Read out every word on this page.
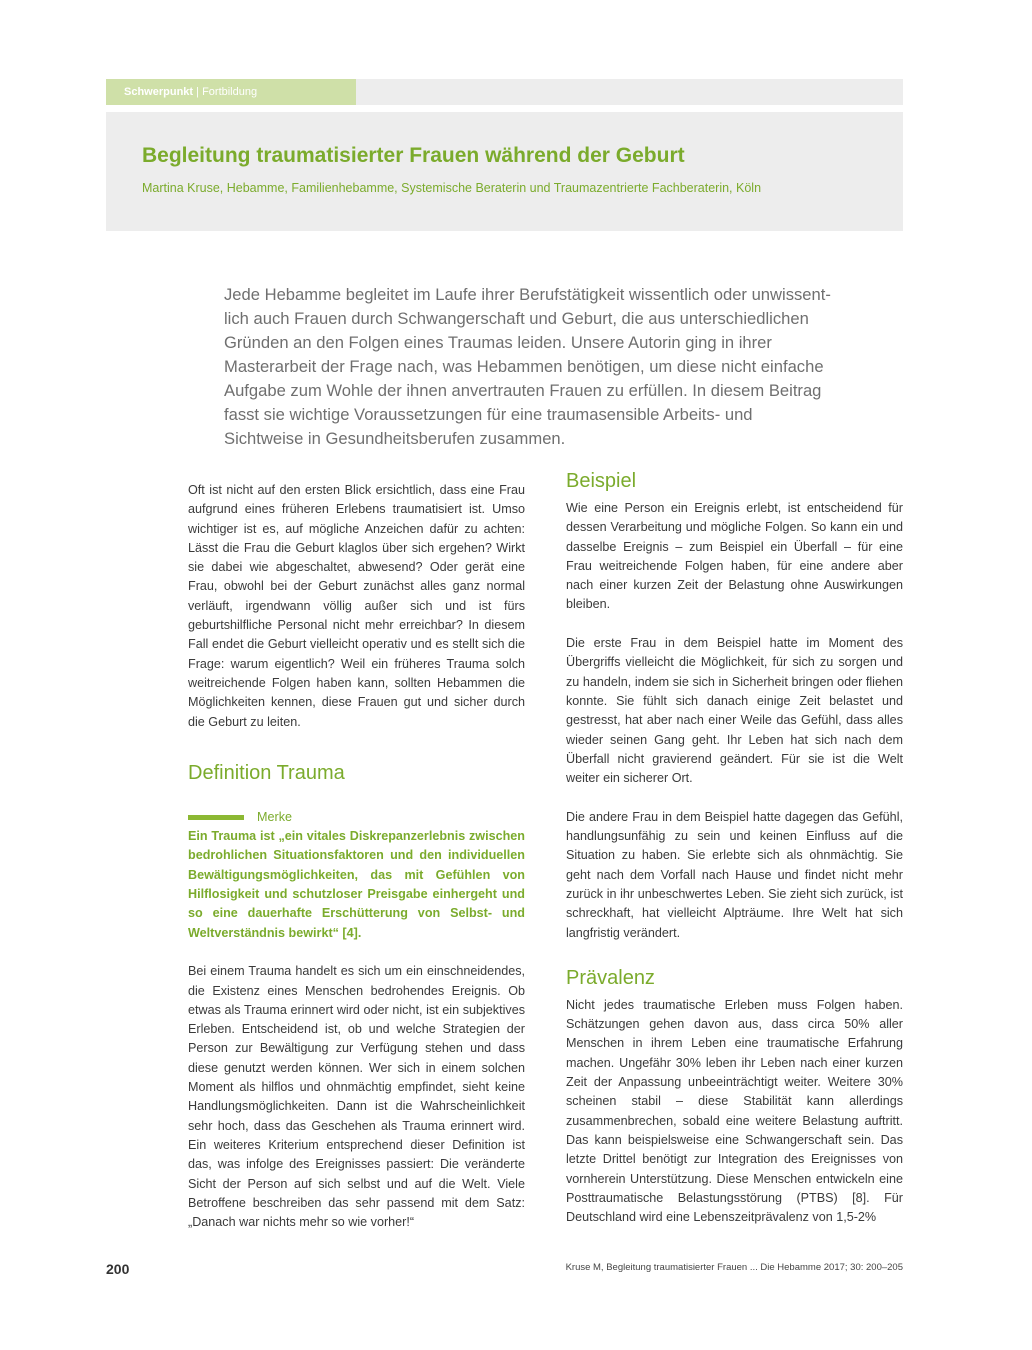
Schwerpunkt | Fortbildung
Begleitung traumatisierter Frauen während der Geburt
Martina Kruse, Hebamme, Familienhebamme, Systemische Beraterin und Traumazentrierte Fachberaterin, Köln
Jede Hebamme begleitet im Laufe ihrer Berufstätigkeit wissentlich oder unwissent-
lich auch Frauen durch Schwangerschaft und Geburt, die aus unterschiedlichen
Gründen an den Folgen eines Traumas leiden. Unsere Autorin ging in ihrer
Masterarbeit der Frage nach, was Hebammen benötigen, um diese nicht einfache
Aufgabe zum Wohle der ihnen anvertrauten Frauen zu erfüllen. In diesem Beitrag
fasst sie wichtige Voraussetzungen für eine traumasensible Arbeits- und
Sichtweise in Gesundheitsberufen zusammen.

Oft ist nicht auf den ersten Blick ersichtlich, dass eine Frau aufgrund eines früheren Erlebens traumatisiert ist. Umso wichtiger ist es, auf mögliche Anzeichen dafür zu achten: Lässt die Frau die Geburt klaglos über sich ergehen? Wirkt sie dabei wie abgeschaltet, abwesend? Oder gerät eine Frau, obwohl bei der Geburt zunächst alles ganz normal verläuft, irgendwann völlig außer sich und ist fürs geburtshilfliche Personal nicht mehr erreichbar? In diesem Fall endet die Geburt vielleicht operativ und es stellt sich die Frage: warum eigentlich? Weil ein früheres Trauma solch weitreichende Folgen haben kann, sollten Hebammen die Möglichkeiten kennen, diese Frauen gut und sicher durch die Geburt zu leiten.

Definition Trauma
Merke

Ein Trauma ist „ein vitales Diskrepanzerlebnis zwischen bedrohlichen Situationsfaktoren und den individuellen Bewältigungsmöglichkeiten, das mit Gefühlen von Hilflosigkeit und schutzloser Preisgabe einhergeht und so eine dauerhafte Erschütterung von Selbst- und Weltverständnis bewirkt“ [4].

Bei einem Trauma handelt es sich um ein einschneidendes, die Existenz eines Menschen bedrohendes Ereignis. Ob etwas als Trauma erinnert wird oder nicht, ist ein subjektives Erleben. Entscheidend ist, ob und welche Strategien der Person zur Bewältigung zur Verfügung stehen und dass diese genutzt werden können. Wer sich in einem solchen Moment als hilflos und ohnmächtig empfindet, sieht keine Handlungsmöglichkeiten. Dann ist die Wahrscheinlichkeit sehr hoch, dass das Geschehen als Trauma erinnert wird. Ein weiteres Kriterium entsprechend dieser Definition ist das, was infolge des Ereignisses passiert: Die veränderte Sicht der Person auf sich selbst und auf die Welt. Viele Betroffene beschreiben das sehr passend mit dem Satz: „Danach war nichts mehr so wie vorher!“

Beispiel

Wie eine Person ein Ereignis erlebt, ist entscheidend für dessen Verarbeitung und mögliche Folgen. So kann ein und dasselbe Ereignis – zum Beispiel ein Überfall – für eine Frau weitreichende Folgen haben, für eine andere aber nach einer kurzen Zeit der Belastung ohne Auswirkungen bleiben.

Die erste Frau in dem Beispiel hatte im Moment des Übergriffs vielleicht die Möglichkeit, für sich zu sorgen und zu handeln, indem sie sich in Sicherheit bringen oder fliehen konnte. Sie fühlt sich danach einige Zeit belastet und gestresst, hat aber nach einer Weile das Gefühl, dass alles wieder seinen Gang geht. Ihr Leben hat sich nach dem Überfall nicht gravierend geändert. Für sie ist die Welt weiter ein sicherer Ort.

Die andere Frau in dem Beispiel hatte dagegen das Gefühl, handlungsunfähig zu sein und keinen Einfluss auf die Situation zu haben. Sie erlebte sich als ohnmächtig. Sie geht nach dem Vorfall nach Hause und findet nicht mehr zurück in ihr unbeschwertes Leben. Sie zieht sich zurück, ist schreckhaft, hat vielleicht Alpträume. Ihre Welt hat sich langfristig verändert.

Prävalenz

Nicht jedes traumatische Erleben muss Folgen haben. Schätzungen gehen davon aus, dass circa 50% aller Menschen in ihrem Leben eine traumatische Erfahrung machen. Ungefähr 30% leben ihr Leben nach einer kurzen Zeit der Anpassung unbeeinträchtigt weiter. Weitere 30% scheinen stabil – diese Stabilität kann allerdings zusammenbrechen, sobald eine weitere Belastung auftritt. Das kann beispielsweise eine Schwangerschaft sein. Das letzte Drittel benötigt zur Integration des Ereignisses von vornherein Unterstützung. Diese Menschen entwickeln eine Posttraumatische Belastungsstörung (PTBS) [8]. Für Deutschland wird eine Lebenszeitprävalenz von 1,5-2%

200	Kruse M, Begleitung traumatisierter Frauen ... Die Hebamme 2017; 30: 200–205
